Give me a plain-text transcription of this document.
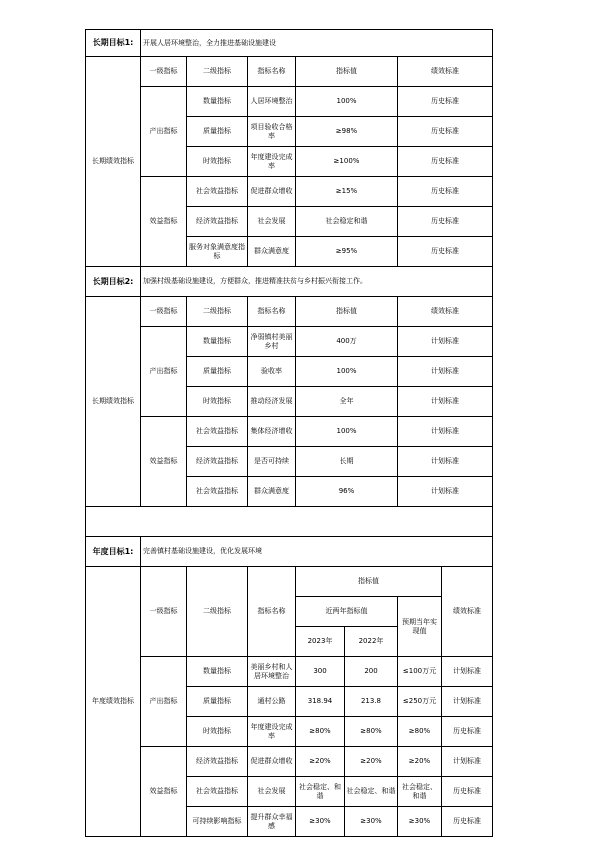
长期目标1:	开展人居环境整治，全力推进基础设施建设						
长期绩效指标	一级指标	二级指标	指标名称	指标值		绩效标准	
	产出指标	数量指标	人居环境整治	100%		历史标准	
		质量指标	项目验收合格率	≥98%		历史标准	
		时效指标	年度建设完成率	≥100%		历史标准	
	效益指标	社会效益指标	促进群众增收	≥15%		历史标准	
		经济效益指标	社会发展	社会稳定和谐		历史标准	
		服务对象满意度指标	群众满意度	≥95%		历史标准	
长期目标2:	加强村级基础设施建设，方便群众，推进精准扶贫与乡村振兴衔接工作。						
长期绩效指标	一级指标	二级指标	指标名称	指标值		绩效标准	
	产出指标	数量指标	净弱镇村美丽乡村	400万		计划标准	
		质量指标	验收率	100%		计划标准	
		时效指标	推动经济发展	全年		计划标准	
	效益指标	社会效益指标	集体经济增收	100%		计划标准	
		经济效益指标	是否可持续	长期		计划标准	
		社会效益指标	群众满意度	96%		计划标准	

年度目标1:	完善镇村基础设施建设，优化发展环境						
年度绩效指标	一级指标	二级指标	指标名称	指标值			绩效标准
				近两年指标值		预期当年实现值	
				2023年	2022年		
	产出指标	数量指标	美丽乡村和人居环境整治	300	200	≤100万元	计划标准
		质量指标	通村公路	318.94	213.8	≤250万元	计划标准
		时效指标	年度建设完成率	≥80%	≥80%	≥80%	历史标准
	效益指标	经济效益指标	促进群众增收	≥20%	≥20%	≥20%	计划标准
		社会效益指标	社会发展	社会稳定、和谐	社会稳定、和谐	社会稳定、和谐	历史标准
		可持续影响指标	提升群众幸福感	≥30%	≥30%	≥30%	历史标准
